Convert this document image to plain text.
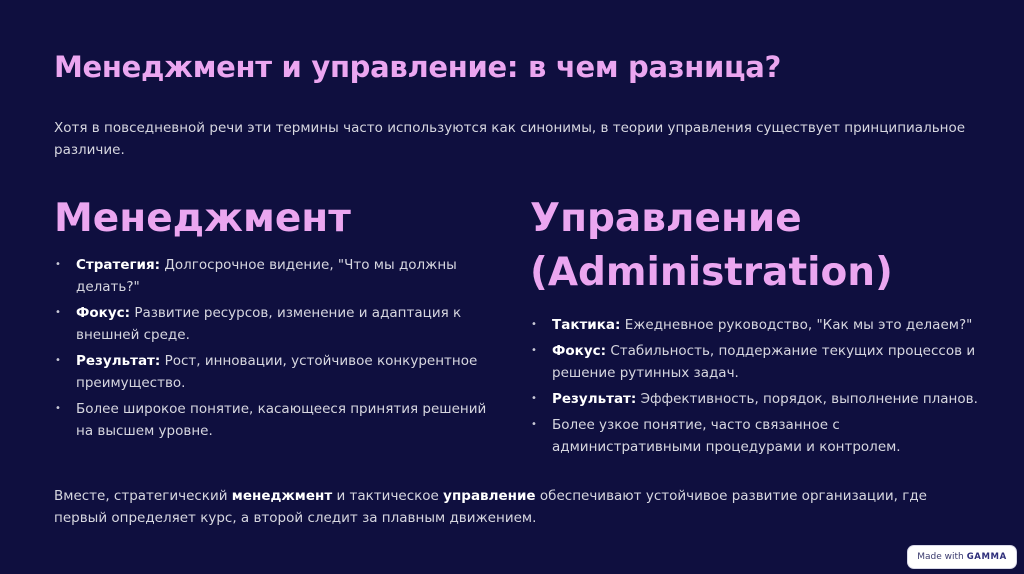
Менеджмент и управление: в чем разница?

Хотя в повседневной речи эти термины часто используются как синонимы, в теории управления существует принципиальное различие.

Менеджмент
• Стратегия: Долгосрочное видение, "Что мы должны делать?"
• Фокус: Развитие ресурсов, изменение и адаптация к внешней среде.
• Результат: Рост, инновации, устойчивое конкурентное преимущество.
• Более широкое понятие, касающееся принятия решений на высшем уровне.
Управление (Administration)
• Тактика: Ежедневное руководство, "Как мы это делаем?"
• Фокус: Стабильность, поддержание текущих процессов и решение рутинных задач.
• Результат: Эффективность, порядок, выполнение планов.
• Более узкое понятие, часто связанное с административными процедурами и контролем.

Вместе, стратегический менеджмент и тактическое управление обеспечивают устойчивое развитие организации, где первый определяет курс, а второй следит за плавным движением.

Made with GAMMA
